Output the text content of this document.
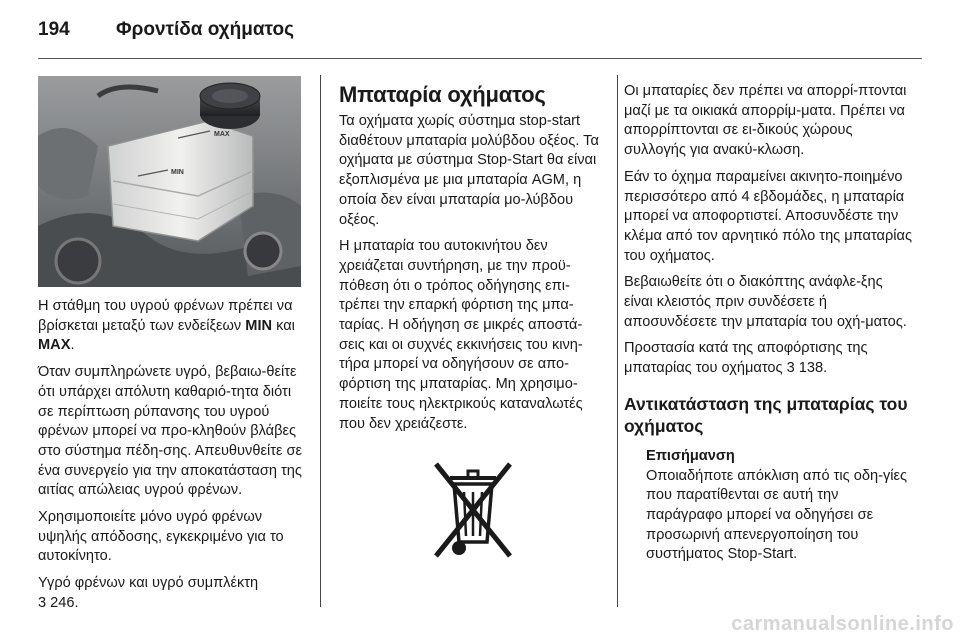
194	Φροντίδα οχήματος
MAX
MIN

Η στάθμη του υγρού φρένων πρέπει να βρίσκεται μεταξύ των ενδείξεων MIN και MAX.

Όταν συμπληρώνετε υγρό, βεβαιω‐θείτε ότι υπάρχει απόλυτη καθαριό‐τητα διότι σε περίπτωση ρύπανσης του υγρού φρένων μπορεί να προ‐κληθούν βλάβες στο σύστημα πέδη‐σης. Απευθυνθείτε σε ένα συνεργείο για την αποκατάσταση της αιτίας απώλειας υγρού φρένων.

Χρησιμοποιείτε μόνο υγρό φρένων υψηλής απόδοσης, εγκεκριμένο για το αυτοκίνητο.

Υγρό φρένων και υγρό συμπλέκτη
3 246.

Μπαταρία οχήματος

Τα οχήματα χωρίς σύστημα stop-start διαθέτουν μπαταρία μολύβδου οξέος. Τα οχήματα με σύστημα Stop-Start θα είναι εξοπλισμένα με μια μπαταρία AGM, η οποία δεν είναι μπαταρία μο‐λύβδου οξέος.

Η μπαταρία του αυτοκινήτου δεν χρειάζεται συντήρηση, με την προϋ‐πόθεση ότι ο τρόπος οδήγησης επι‐τρέπει την επαρκή φόρτιση της μπα‐ταρίας. Η οδήγηση σε μικρές αποστά‐σεις και οι συχνές εκκινήσεις του κινη‐τήρα μπορεί να οδηγήσουν σε απο‐φόρτιση της μπαταρίας. Μη χρησιμο‐ποιείτε τους ηλεκτρικούς καταναλωτές που δεν χρειάζεστε.

Οι μπαταρίες δεν πρέπει να απορρί‐πτονται μαζί με τα οικιακά απορρίμ‐ματα. Πρέπει να απορρίπτονται σε ει‐δικούς χώρους συλλογής για ανακύ‐κλωση.

Εάν το όχημα παραμείνει ακινητο‐ποιημένο περισσότερο από 4 εβδομάδες, η μπαταρία μπορεί να αποφορτιστεί. Αποσυνδέστε την κλέμα από τον αρνητικό πόλο της μπαταρίας του οχήματος.

Βεβαιωθείτε ότι ο διακόπτης ανάφλε‐ξης είναι κλειστός πριν συνδέσετε ή αποσυνδέσετε την μπαταρία του οχή‐ματος.

Προστασία κατά της αποφόρτισης της μπαταρίας του οχήματος 3 138.

Αντικατάσταση της μπαταρίας του οχήματος
Επισήμανση
Οποιαδήποτε απόκλιση από τις οδη‐γίες που παρατίθενται σε αυτή την παράγραφο μπορεί να οδηγήσει σε προσωρινή απενεργοποίηση του συστήματος Stop-Start.
carmanualsonline.info
